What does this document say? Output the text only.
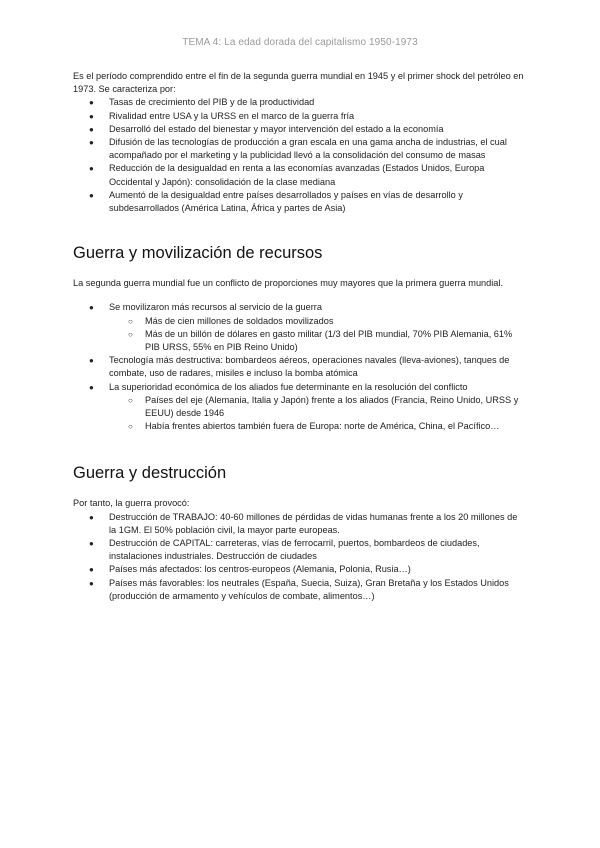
TEMA 4: La edad dorada del capitalismo 1950-1973

Es el período comprendido entre el fin de la segunda guerra mundial en 1945 y el primer shock del petróleo en 1973. Se caracteriza por:

● Tasas de crecimiento del PIB y de la productividad
● Rivalidad entre USA y la URSS en el marco de la guerra fría
● Desarrolló del estado del bienestar y mayor intervención del estado a la economía
● Difusión de las tecnologías de producción a gran escala en una gama ancha de industrias, el cual acompañado por el marketing y la publicidad llevó a la consolidación del consumo de masas
● Reducción de la desigualdad en renta a las economías avanzadas (Estados Unidos, Europa Occidental y Japón): consolidación de la clase mediana
● Aumentó de la desigualdad entre países desarrollados y países en vías de desarrollo y subdesarrollados (América Latina, África y partes de Asia)
Guerra y movilización de recursos

La segunda guerra mundial fue un conflicto de proporciones muy mayores que la primera guerra mundial.

● Se movilizaron más recursos al servicio de la guerra
○ Más de cien millones de soldados movilizados
○ Más de un billón de dólares en gasto militar (1/3 del PIB mundial, 70% PIB Alemania, 61% PIB URSS, 55% en PIB Reino Unido)
● Tecnología más destructiva: bombardeos aéreos, operaciones navales (lleva-aviones), tanques de combate, uso de radares, misiles e incluso la bomba atómica
● La superioridad económica de los aliados fue determinante en la resolución del conflicto
○ Países del eje (Alemania, Italia y Japón) frente a los aliados (Francia, Reino Unido, URSS y EEUU) desde 1946
○ Había frentes abiertos también fuera de Europa: norte de América, China, el Pacífico…
Guerra y destrucción

Por tanto, la guerra provocó:

● Destrucción de TRABAJO: 40-60 millones de pérdidas de vidas humanas frente a los 20 millones de la 1GM. El 50% población civil, la mayor parte europeas.
● Destrucción de CAPITAL: carreteras, vías de ferrocarril, puertos, bombardeos de ciudades, instalaciones industriales. Destrucción de ciudades
● Países más afectados: los centros-europeos (Alemania, Polonia, Rusia…)
● Países más favorables: los neutrales (España, Suecia, Suiza), Gran Bretaña y los Estados Unidos (producción de armamento y vehículos de combate, alimentos…)
